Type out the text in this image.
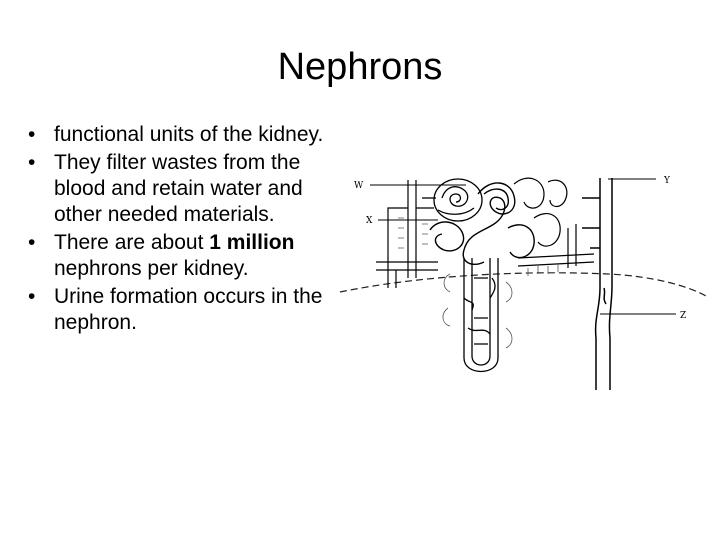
Nephrons
• functional units of the kidney.
• They filter wastes from the blood and retain water and other needed materials.
• There are about 1 million nephrons per kidney.
• Urine formation occurs in the nephron.
W
X
Y
Z
